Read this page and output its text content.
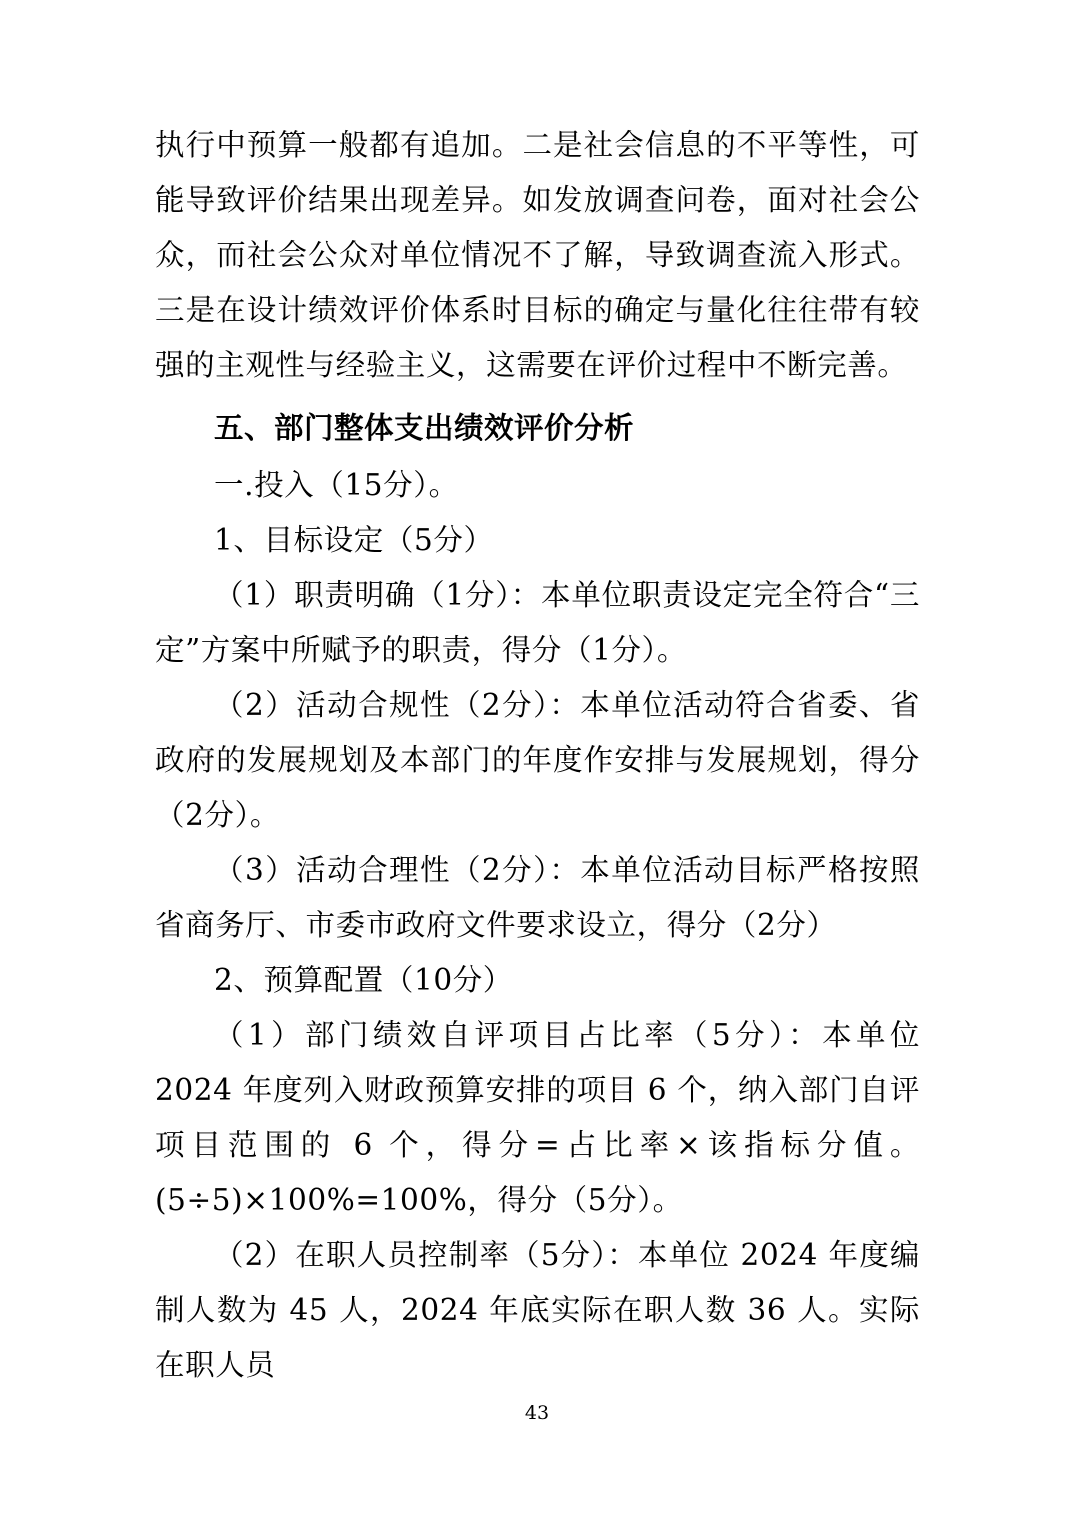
执行中预算一般都有追加。二是社会信息的不平等性，可能导致评价结果出现差异。如发放调查问卷，面对社会公众，而社会公众对单位情况不了解，导致调查流入形式。三是在设计绩效评价体系时目标的确定与量化往往带有较强的主观性与经验主义，这需要在评价过程中不断完善。

五、部门整体支出绩效评价分析

一.投入（15分）。

1、目标设定（5分）

（1）职责明确（1分）：本单位职责设定完全符合“三定”方案中所赋予的职责，得分（1分）。

（2）活动合规性（2分）：本单位活动符合省委、省政府的发展规划及本部门的年度作安排与发展规划，得分（2分）。

（3）活动合理性（2分）：本单位活动目标严格按照省商务厅、市委市政府文件要求设立，得分（2分）

2、预算配置（10分）

（1）部门绩效自评项目占比率（5分）：本单位 2024 年度列入财政预算安排的项目 6 个，纳入部门自评项目范围的 6 个，得分=占比率×该指标分值。(5÷5)×100%=100%，得分（5分）。

（2）在职人员控制率（5分）：本单位 2024 年度编制人数为 45 人，2024 年底实际在职人数 36 人。实际在职人员

43
